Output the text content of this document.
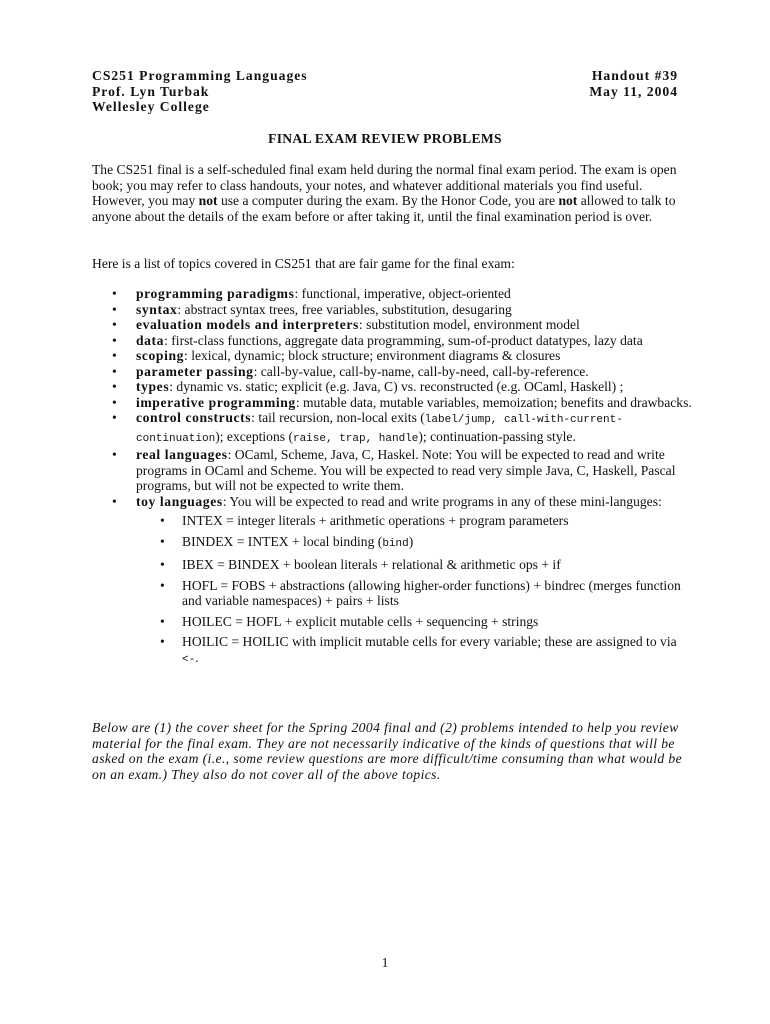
CS251 Programming Languages
Prof. Lyn Turbak
Wellesley College
Handout #39
May 11, 2004
FINAL EXAM REVIEW PROBLEMS
The CS251 final is a self-scheduled final exam held during the normal final exam period. The exam is open book; you may refer to class handouts, your notes, and whatever additional materials you find useful. However, you may not use a computer during the exam. By the Honor Code, you are not allowed to talk to anyone about the details of the exam before or after taking it, until the final examination period is over.
Here is a list of topics covered in CS251 that are fair game for the final exam:
• programming paradigms: functional, imperative, object-oriented
• syntax: abstract syntax trees, free variables, substitution, desugaring
• evaluation models and interpreters: substitution model, environment model
• data: first-class functions, aggregate data programming, sum-of-product datatypes, lazy data
• scoping: lexical, dynamic; block structure; environment diagrams & closures
• parameter passing: call-by-value, call-by-name, call-by-need, call-by-reference.
• types: dynamic vs. static; explicit (e.g. Java, C) vs. reconstructed (e.g. OCaml, Haskell) ;
• imperative programming: mutable data, mutable variables, memoization; benefits and drawbacks.
• control constructs: tail recursion, non-local exits (label/jump, call-with-current-continuation); exceptions (raise, trap, handle); continuation-passing style.
• real languages: OCaml, Scheme, Java, C, Haskel. Note: You will be expected to read and write programs in OCaml and Scheme. You will be expected to read very simple Java, C, Haskell, Pascal programs, but will not be expected to write them.
• toy languages: You will be expected to read and write programs in any of these mini-languges:
• INTEX = integer literals + arithmetic operations + program parameters
• BINDEX = INTEX + local binding (bind)
• IBEX = BINDEX + boolean literals + relational & arithmetic ops + if
• HOFL = FOBS + abstractions (allowing higher-order functions) + bindrec (merges function and variable namespaces) + pairs + lists
• HOILEC = HOFL + explicit mutable cells + sequencing + strings
• HOILIC = HOILIC with implicit mutable cells for every variable; these are assigned to via <-.
Below are (1) the cover sheet for the Spring 2004 final and (2) problems intended to help you review material for the final exam. They are not necessarily indicative of the kinds of questions that will be asked on the exam (i.e., some review questions are more difficult/time consuming than what would be on an exam.) They also do not cover all of the above topics.
1
